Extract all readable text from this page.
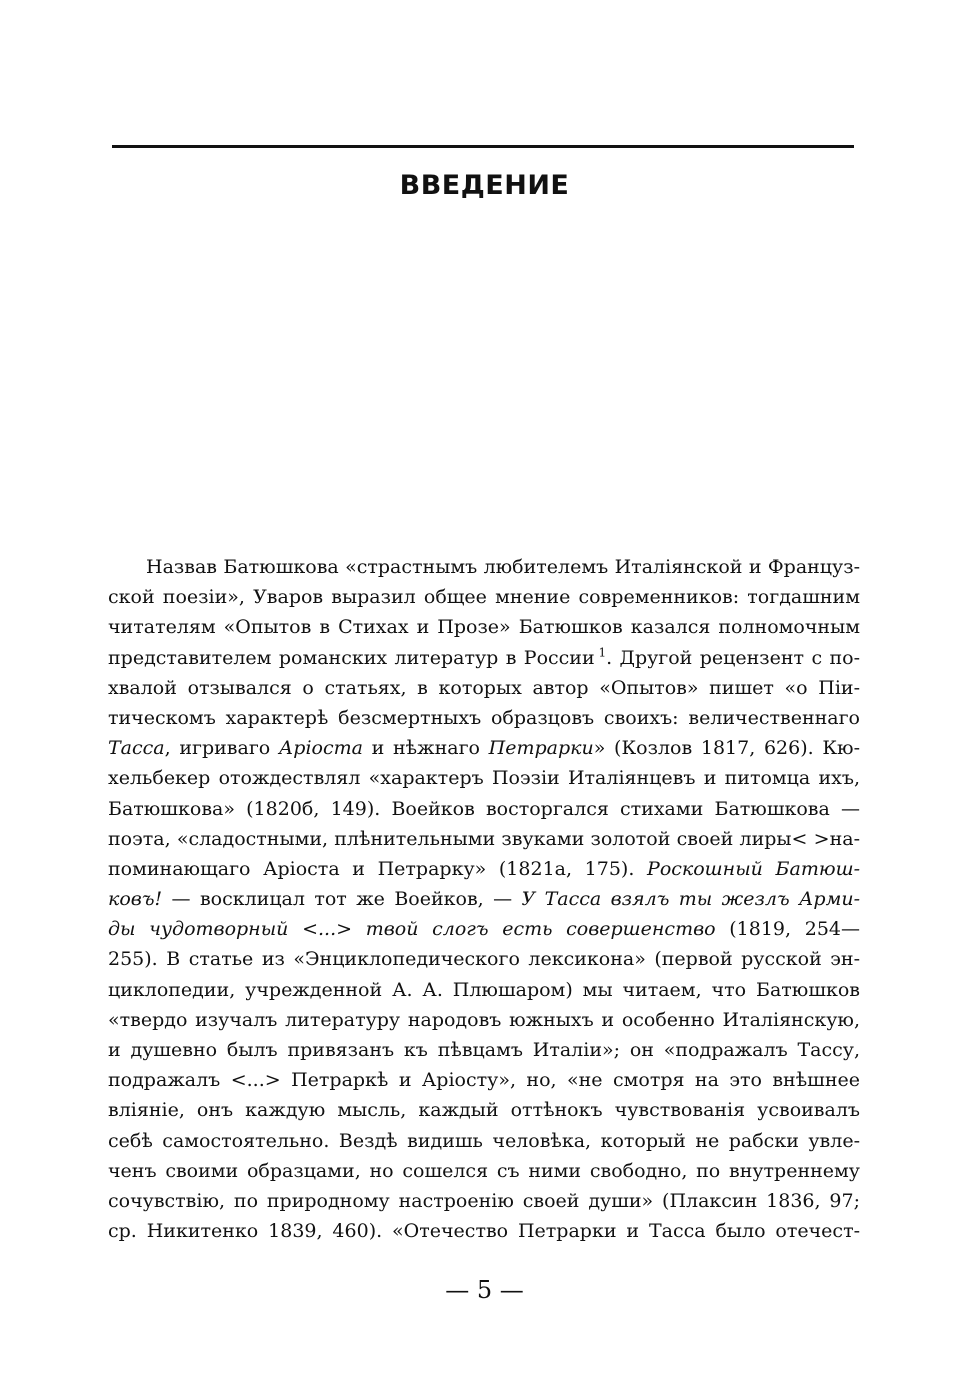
ВВЕДЕНИЕ
Назвав Батюшкова «страстнымъ любителемъ Италіянской и Француз-
ской поезіи», Уваров выразил общее мнение современников: тогдашним
читателям «Опытов в Стихах и Прозе» Батюшков казался полномочным
представителем романских литератур в России  $^1$. Другой рецензент с по-
хвалой отзывался о статьях, в которых автор «Опытов» пишет «о Піи-
тическомъ характерѣ безсмертныхъ образцовъ своихъ: величественнаго
Тасса, игриваго Аріоста и нѣжнаго Петрарки» (Козлов 1817, 626). Кю-
хельбекер отождествлял «характеръ Поэзіи Италіянцевъ и питомца ихъ,
Батюшкова» (1820б, 149). Воейков восторгался стихами Батюшкова —
поэта, «сладостными, плѣнительными звуками золотой своей лиры< >на-
поминающаго Аріоста и Петрарку» (1821а, 175). Роскошный Батюш-
ковъ! — восклицал тот же Воейков, — У Тасса взялъ ты жезлъ Арми-
ды чудотворный <...> твой слогъ есть совершенство (1819, 254—
255). В статье из «Энциклопедического лексикона» (первой русской эн-
циклопедии, учрежденной А. А. Плюшаром) мы читаем, что Батюшков
«твердо изучалъ литературу народовъ южныхъ и особенно Италіянскую,
и душевно былъ привязанъ къ пѣвцамъ Италіи»; он «подражалъ Тассу,
подражалъ <...> Петраркѣ и Аріосту», но, «не смотря на это внѣшнее
вліяніе, онъ каждую мысль, каждый оттѣнокъ чувствованія усвоивалъ
себѣ самостоятельно. Вездѣ видишь человѣка, который не рабски увле-
ченъ своими образцами, но сошелся съ ними свободно, по внутреннему
сочувствію, по природному настроенію своей души» (Плаксин 1836, 97;
ср. Никитенко 1839, 460). «Отечество Петрарки и Тасса было отечест-
— 5 —
